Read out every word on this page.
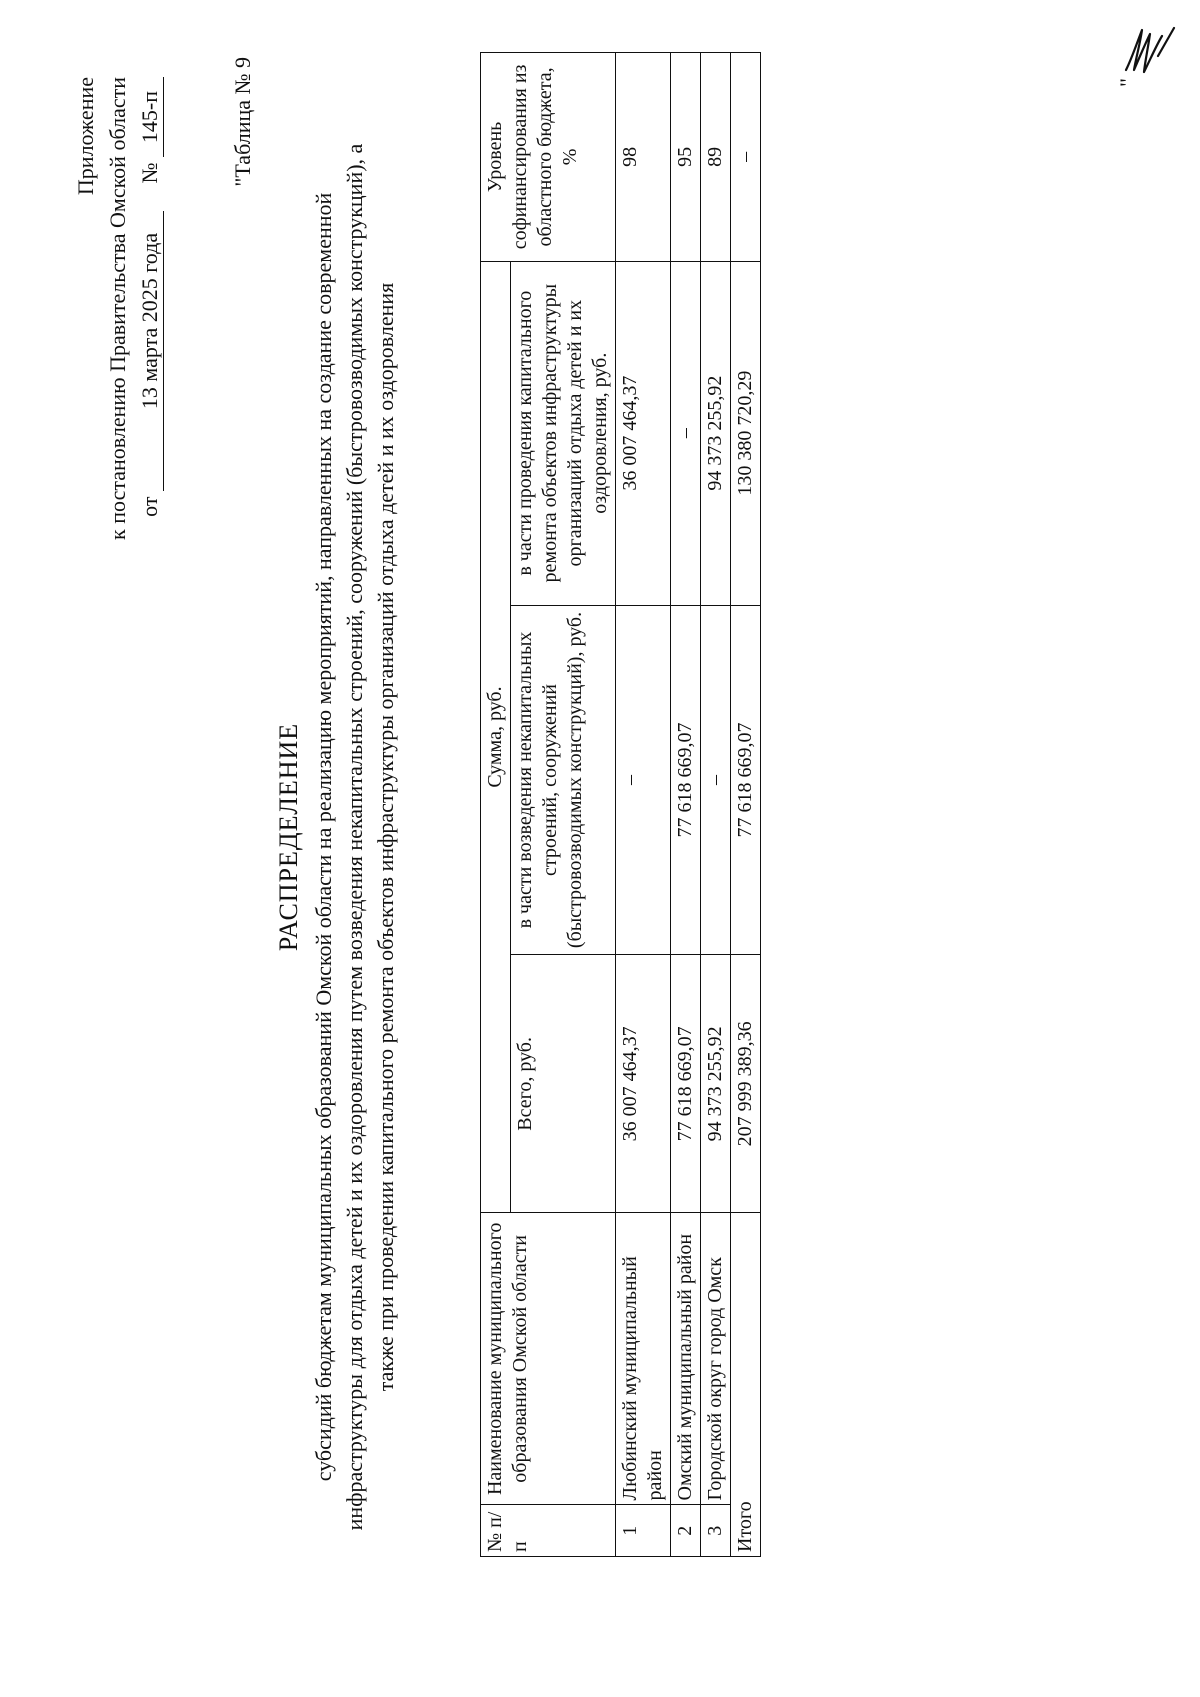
Приложение к постановлению Правительства Омской области от  13 марта 2025 года     № 145-п	"Таблица № 9
РАСПРЕДЕЛЕНИЕ субсидий бюджетам муниципальных образований Омской области на реализацию мероприятий, направленных на создание современной инфраструктуры для отдыха детей и их оздоровления путем возведения некапитальных строений, сооружений (быстровозводимых конструкций), а также при проведении капитального ремонта объектов инфраструктуры организаций отдыха детей и их оздоровления
№ п/п	Наименование муниципального образования Омской области	Сумма, руб.			Уровень софинансирования из областного бюджета, %
		Всего, руб.	в части возведения некапитальных строений, сооружений (быстровозводимых конструкций), руб.	в части проведения капитального ремонта объектов инфраструктуры организаций отдыха детей и их оздоровления, руб.	
1	Любинский муниципальный район	36 007 464,37	–	36 007 464,37	98
2	Омский муниципальный район	77 618 669,07	77 618 669,07	–	95
3	Городской округ город Омск	94 373 255,92	–	94 373 255,92	89
Итого		207 999 389,36	77 618 669,07	130 380 720,29	–
"
